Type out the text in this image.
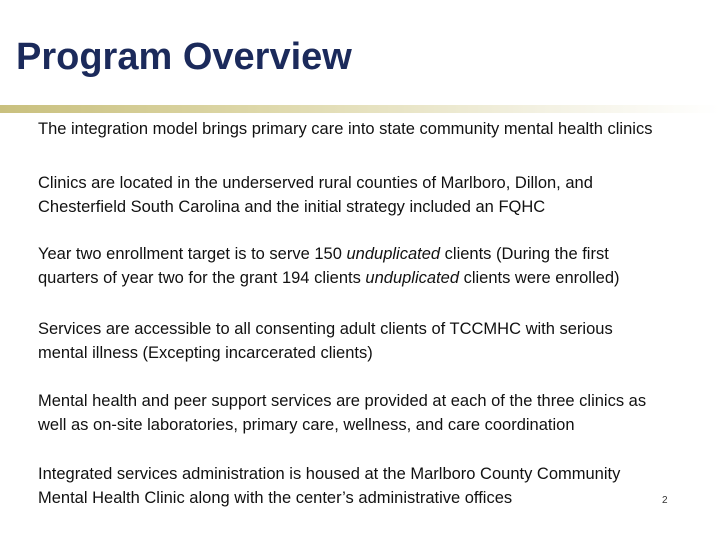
Program Overview
The integration model brings primary care into state community mental health clinics
Clinics are located in the underserved rural counties of Marlboro, Dillon, and
Chesterfield South Carolina and the initial strategy included an FQHC
Year two enrollment target is to serve 150 unduplicated clients (During the first
quarters of year two for the grant 194 clients unduplicated clients were enrolled)
Services are accessible to all consenting adult clients of TCCMHC with serious
mental illness (Excepting incarcerated clients)
Mental health and peer support services are provided at each of the three clinics as
well as on-site laboratories, primary care, wellness, and care coordination
Integrated services administration is housed at the Marlboro County Community
Mental Health Clinic along with the center’s administrative offices	2
